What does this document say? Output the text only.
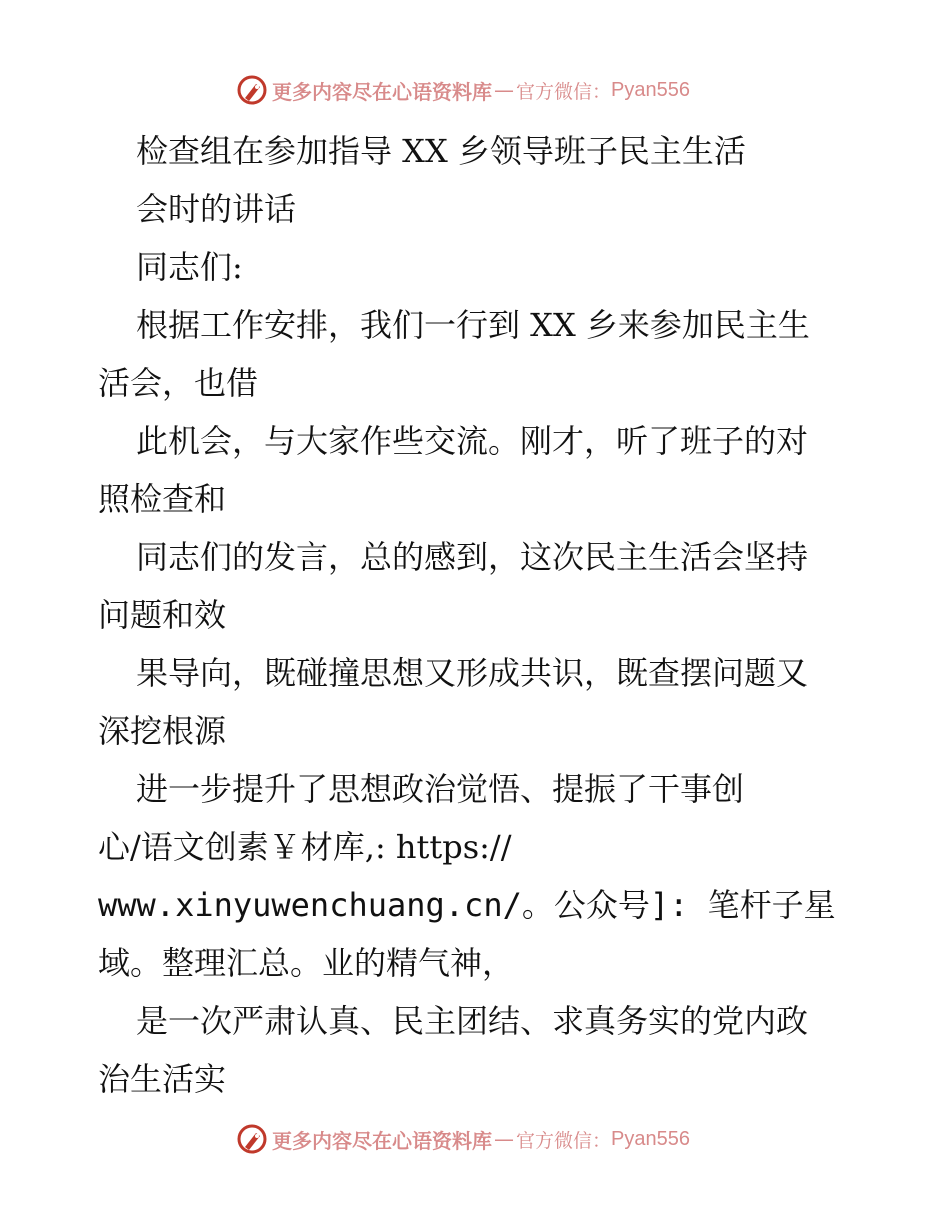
更多内容尽在心语资料库 — 官方微信： Pyan556
检查组在参加指导 XX 乡领导班子民主生活
会时的讲话
同志们:
根据工作安排，我们一行到 XX 乡来参加民主生
活会，也借
此机会，与大家作些交流。刚才，听了班子的对
照检查和
同志们的发言，总的感到，这次民主生活会坚持
问题和效
果导向，既碰撞思想又形成共识，既查摆问题又
深挖根源
进一步提升了思想政治觉悟、提振了干事创
心/语文创素￥材库,: https://
www.xinyuwenchuang.cn/。公众号]: 笔杆子星
域。整理汇总。业的精气神，
是一次严肃认真、民主团结、求真务实的党内政
治生活实
更多内容尽在心语资料库 — 官方微信： Pyan556
